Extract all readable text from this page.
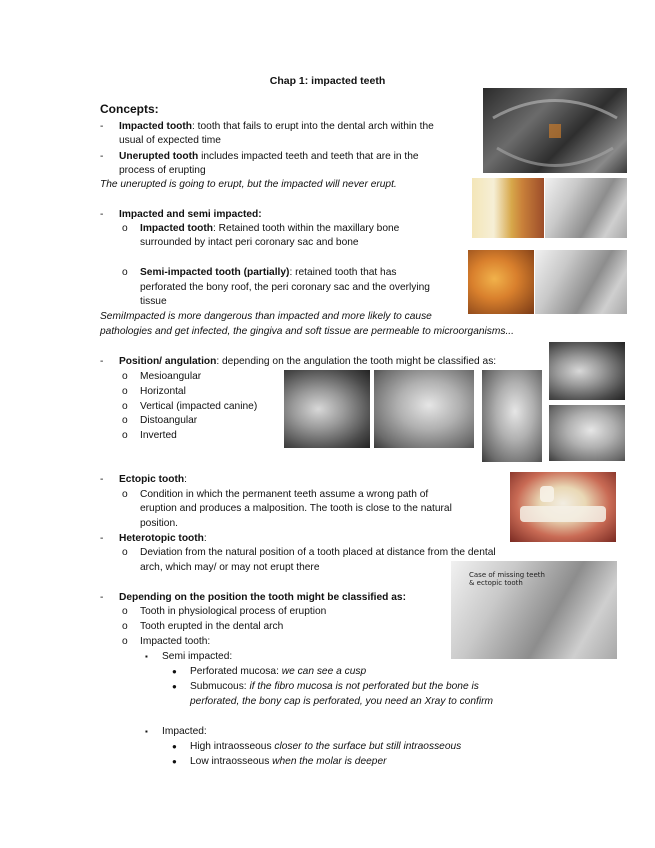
Chap 1: impacted teeth
Concepts:
- Impacted tooth: tooth that fails to erupt into the dental arch within the
usual of expected time
- Unerupted tooth includes impacted teeth and teeth that are in the
process of erupting
The unerupted is going to erupt, but the impacted will never erupt.
- Impacted and semi impacted:
o Impacted tooth: Retained tooth within the maxillary bone
surrounded by intact peri coronary sac and bone
o Semi-impacted tooth (partially): retained tooth that has
perforated the bony roof, the peri coronary sac and the overlying
tissue
SemiImpacted is more dangerous than impacted and more likely to cause
pathologies and get infected, the gingiva and soft tissue are permeable to microorganisms...
- Position/ angulation: depending on the angulation the tooth might be classified as:
o Mesioangular
o Horizontal
o Vertical (impacted canine)
o Distoangular
o Inverted
- Ectopic tooth:
o Condition in which the permanent teeth assume a wrong path of
eruption and produces a malposition. The tooth is close to the natural
position.
- Heterotopic tooth:
o Deviation from the natural position of a tooth placed at distance from the dental
arch, which may/ or may not erupt there
- Depending on the position the tooth might be classified as:
o Tooth in physiological process of eruption
o Tooth erupted in the dental arch
o Impacted tooth:
▪ Semi impacted:
● Perforated mucosa: we can see a cusp
● Submucous: if the fibro mucosa is not perforated but the bone is
perforated, the bony cap is perforated, you need an Xray to confirm
▪ Impacted:
● High intraosseous closer to the surface but still intraosseous
● Low intraosseous when the molar is deeper
Case of missing teeth & ectopic tooth
